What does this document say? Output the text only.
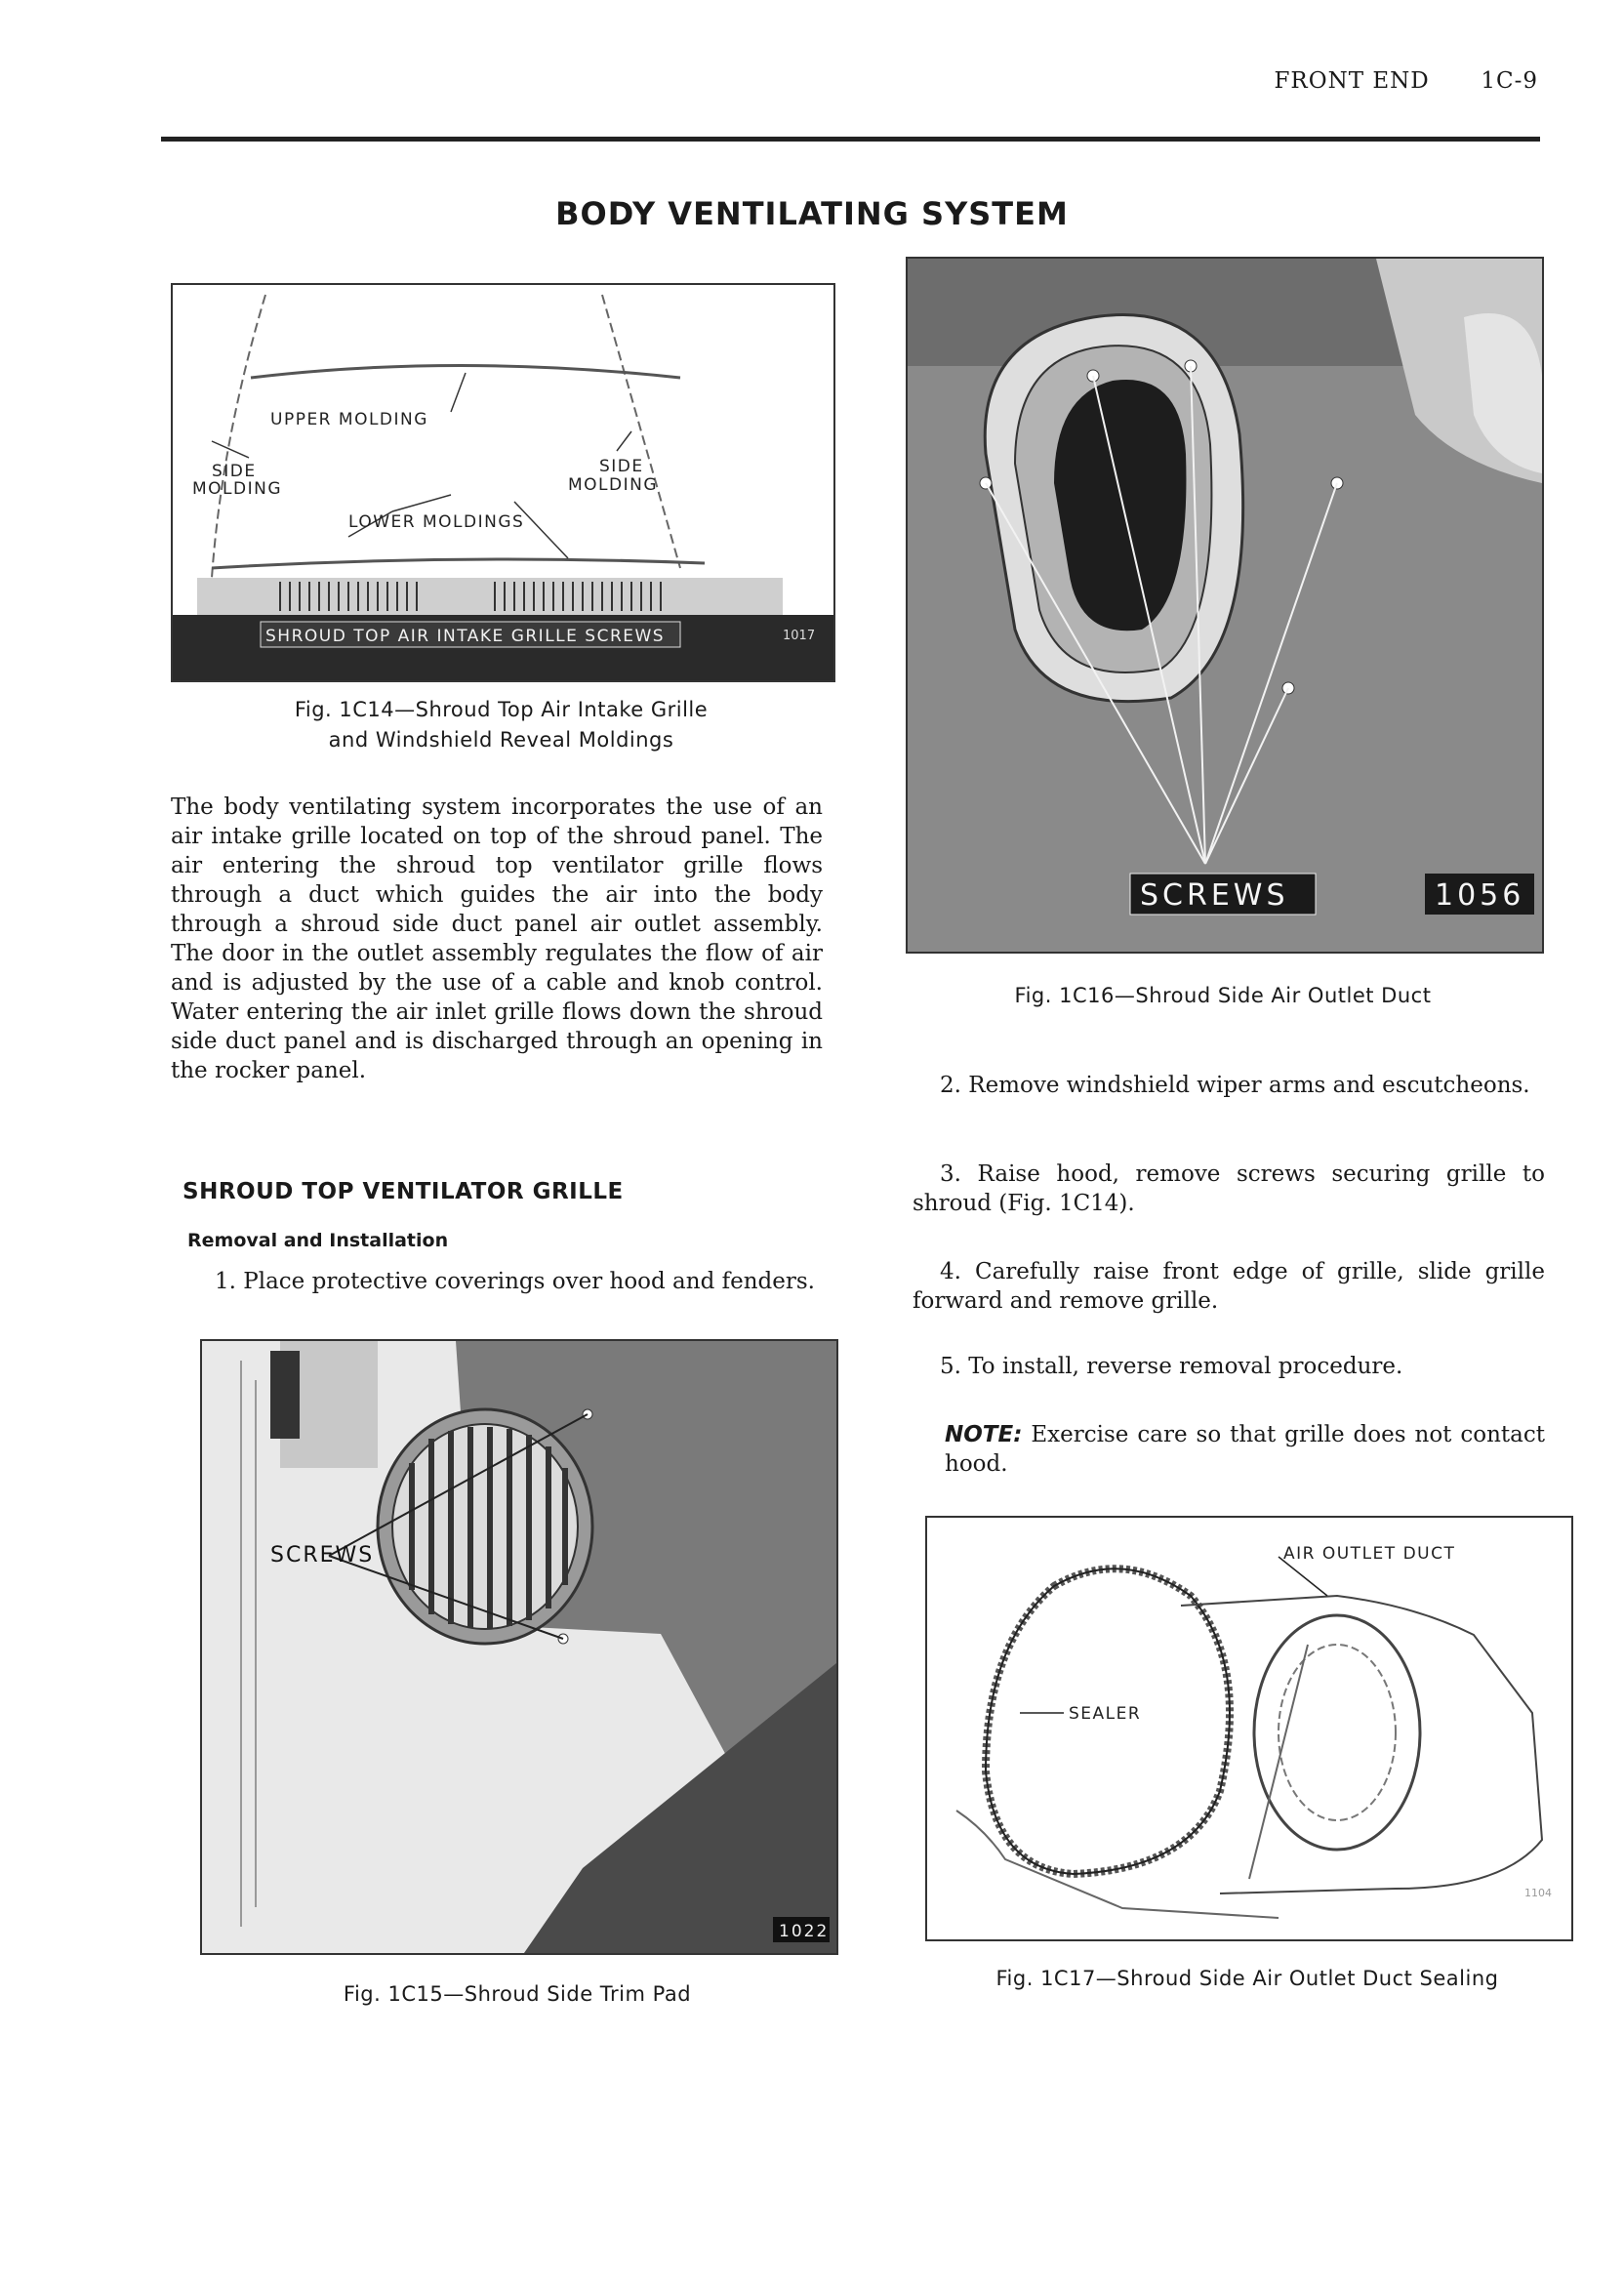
FRONT END 1C-9
BODY VENTILATING SYSTEM
UPPER MOLDING
SIDE
MOLDING
SIDE
MOLDING
LOWER MOLDINGS
SHROUD TOP AIR INTAKE GRILLE SCREWS	1017
Fig. 1C14—Shroud Top Air Intake Grille
and Windshield Reveal Moldings
The body ventilating system incorporates the use of an air intake grille located on top of the shroud panel. The air entering the shroud top ventilator grille flows through a duct which guides the air into the body through a shroud side duct panel air outlet assembly. The door in the outlet assembly regulates the flow of air and is adjusted by the use of a cable and knob control. Water entering the air inlet grille flows down the shroud side duct panel and is discharged through an opening in the rocker panel.
SHROUD TOP VENTILATOR GRILLE
Removal and Installation
1. Place protective coverings over hood and fenders.
SCREWS
1022
Fig. 1C15—Shroud Side Trim Pad
SCREWS	1056
Fig. 1C16—Shroud Side Air Outlet Duct
2. Remove windshield wiper arms and escutcheons.
3. Raise hood, remove screws securing grille to shroud (Fig. 1C14).
4. Carefully raise front edge of grille, slide grille forward and remove grille.
5. To install, reverse removal procedure.
NOTE: Exercise care so that grille does not contact hood.
AIR OUTLET DUCT
SEALER
1104
Fig. 1C17—Shroud Side Air Outlet Duct Sealing
